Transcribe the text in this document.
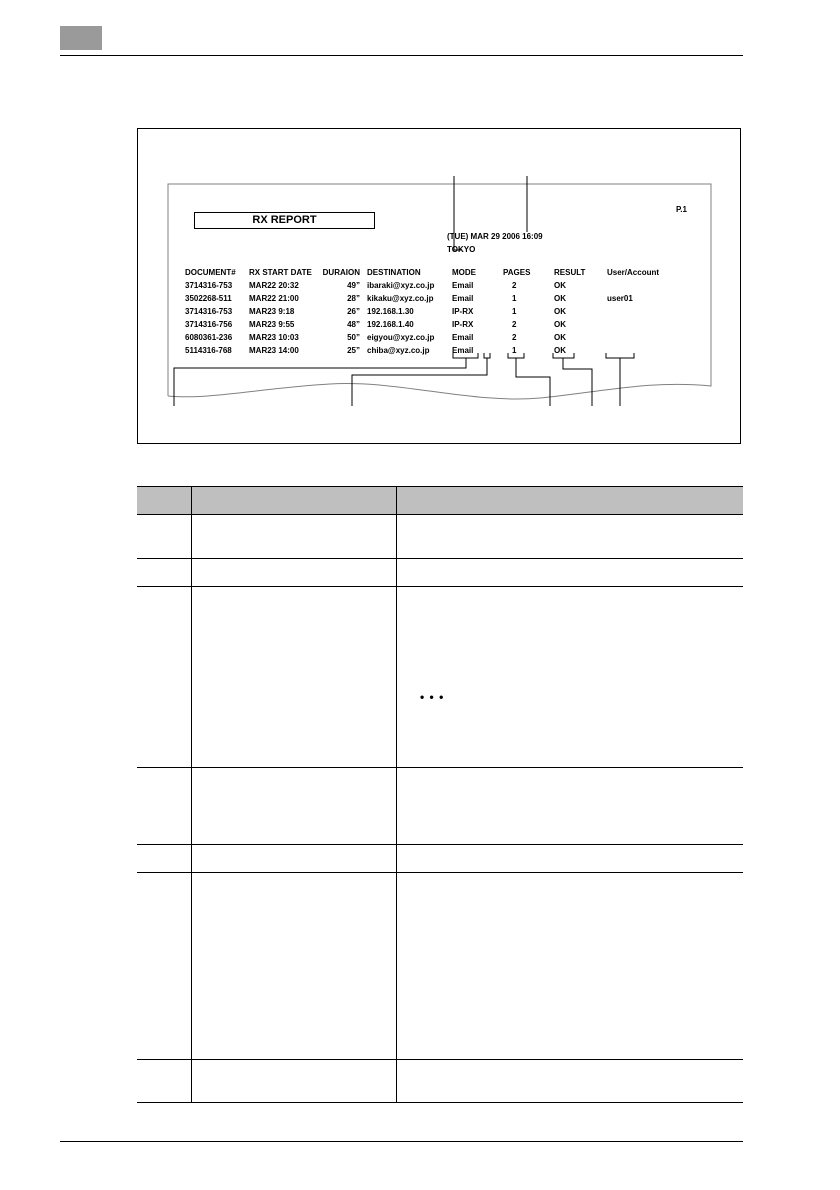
RX REPORT
P.1
(TUE) MAR 29 2006 16:09
TOKYO
DOCUMENT# RX START DATE	DURAION DESTINATION	MODE	PAGES	RESULT	User/Account
3714316-753 MAR22 20:32	49” ibaraki@xyz.co.jp Email	2	OK
3502268-511 MAR22 21:00	28” kikaku@xyz.co.jp Email	1	OK	user01
3714316-753 MAR23 9:18	26” 192.168.1.30	IP-RX	1	OK
3714316-756 MAR23 9:55	48” 192.168.1.40	IP-RX	2	OK
6080361-236 MAR23 10:03	50” eigyou@xyz.co.jp Email	2	OK
5114316-768 MAR23 14:00	25” chiba@xyz.co.jp	Email	1	OK

• • •
